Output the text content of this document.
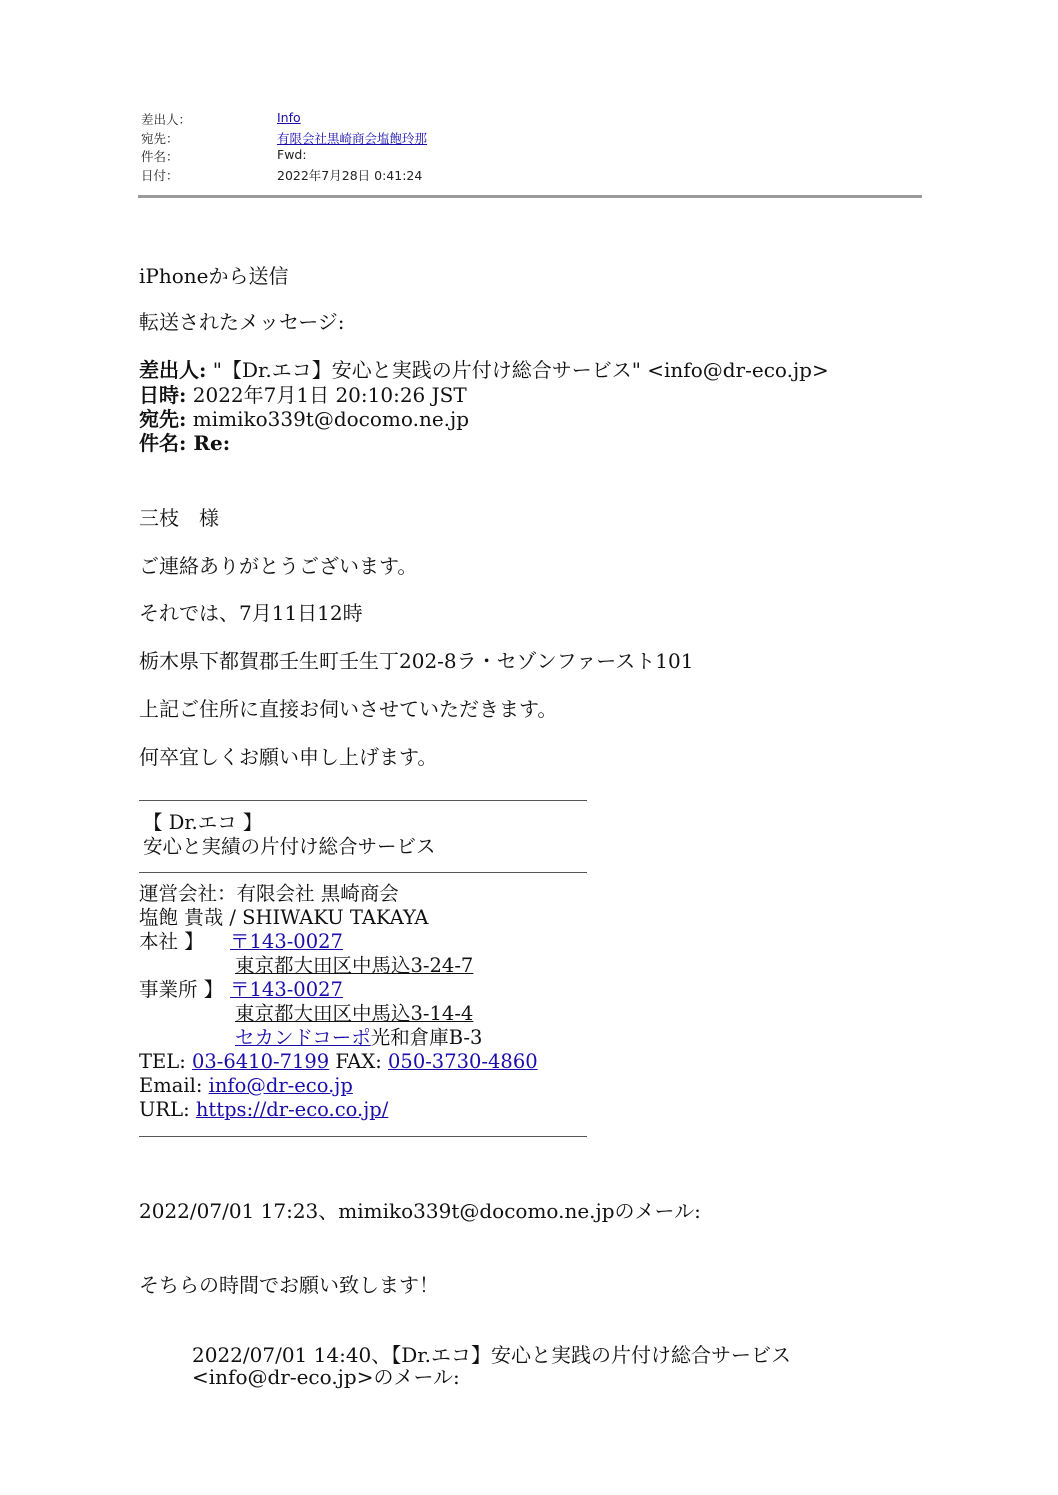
差出人：	Info
宛先：	有限会社黒崎商会塩飽玲那
件名：	Fwd:
日付：	2022年7月28日 0:41:24
iPhoneから送信
転送されたメッセージ:
差出人: "【Dr.エコ】安心と実践の片付け総合サービス" <info@dr-eco.jp>
日時: 2022年7月1日 20:10:26 JST
宛先: mimiko339t@docomo.ne.jp
件名: Re:
三枝　様
ご連絡ありがとうございます。
それでは、7月11日12時
栃木県下都賀郡壬生町壬生丁202-8ラ・セゾンファースト101
上記ご住所に直接お伺いさせていただきます。
何卒宜しくお願い申し上げます。
【 Dr.エコ 】
安心と実績の片付け総合サービス
運営会社：有限会社 黒崎商会
塩飽 貴哉 / SHIWAKU TAKAYA
本社 】 〒143-0027
東京都大田区中馬込3-24-7
事業所 】 〒143-0027
東京都大田区中馬込3-14-4
セカンドコーポ光和倉庫B-3
TEL: 03-6410-7199 FAX: 050-3730-4860
Email: info@dr-eco.jp
URL: https://dr-eco.co.jp/
2022/07/01 17:23、mimiko339t@docomo.ne.jpのメール:
そちらの時間でお願い致します！
2022/07/01 14:40、【Dr.エコ】安心と実践の片付け総合サービス
<info@dr-eco.jp>のメール:
